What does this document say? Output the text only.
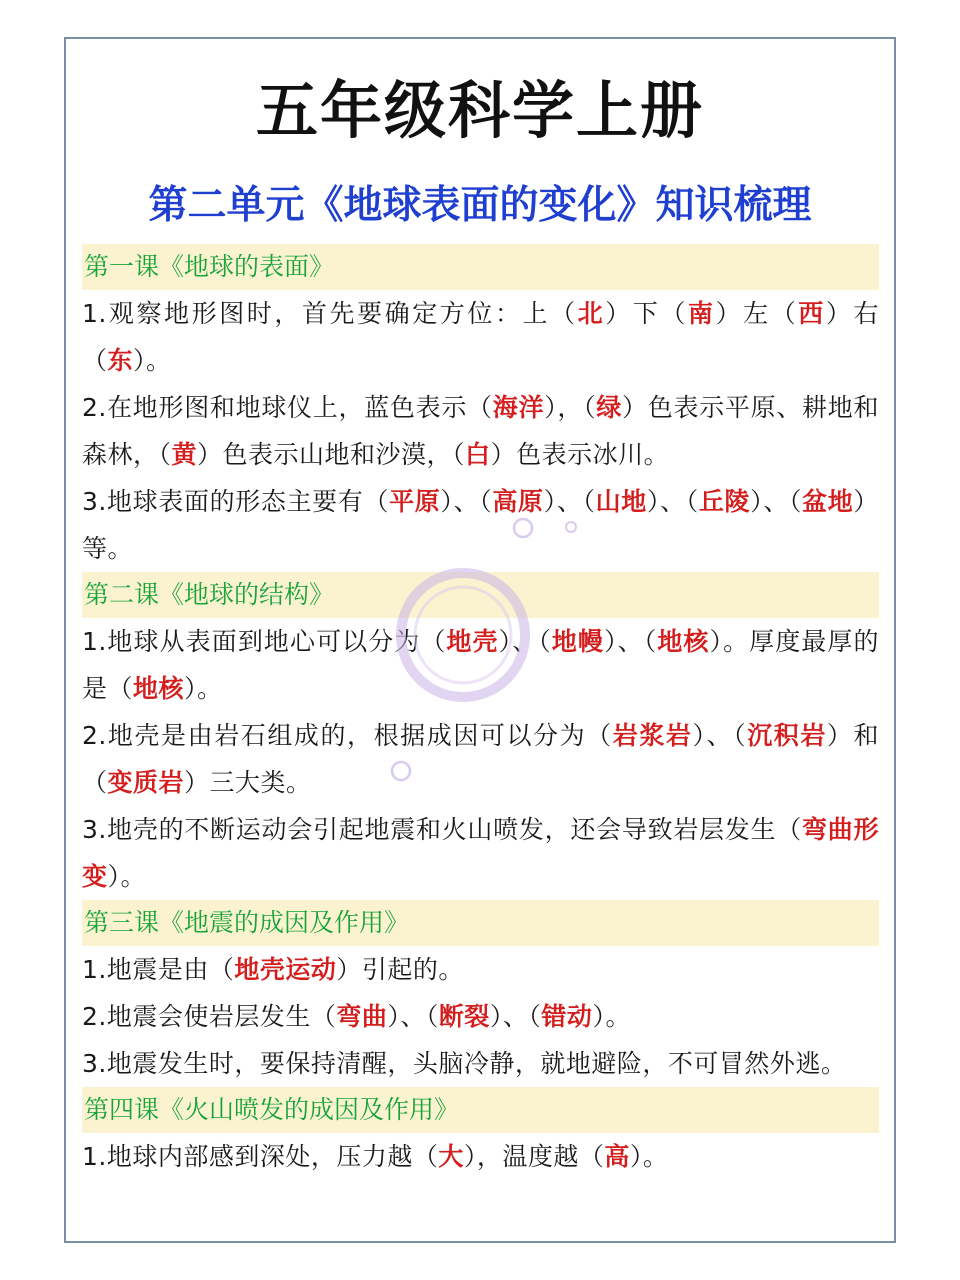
五年级科学上册
第二单元《地球表面的变化》知识梳理
第一课《地球的表面》
1.观察地形图时，首先要确定方位：上（北）下（南）左（西）右（东）。
2.在地形图和地球仪上，蓝色表示（海洋），（绿）色表示平原、耕地和森林，（黄）色表示山地和沙漠，（白）色表示冰川。
3.地球表面的形态主要有（平原）、（高原）、（山地）、（丘陵）、（盆地）等。
第二课《地球的结构》
1.地球从表面到地心可以分为（地壳）、（地幔）、（地核）。厚度最厚的是（地核）。
2.地壳是由岩石组成的，根据成因可以分为（岩浆岩）、（沉积岩）和（变质岩）三大类。
3.地壳的不断运动会引起地震和火山喷发，还会导致岩层发生（弯曲形变）。
第三课《地震的成因及作用》
1.地震是由（地壳运动）引起的。
2.地震会使岩层发生（弯曲）、（断裂）、（错动）。
3.地震发生时，要保持清醒，头脑冷静，就地避险，不可冒然外逃。
第四课《火山喷发的成因及作用》
1.地球内部感到深处，压力越（大），温度越（高）。
